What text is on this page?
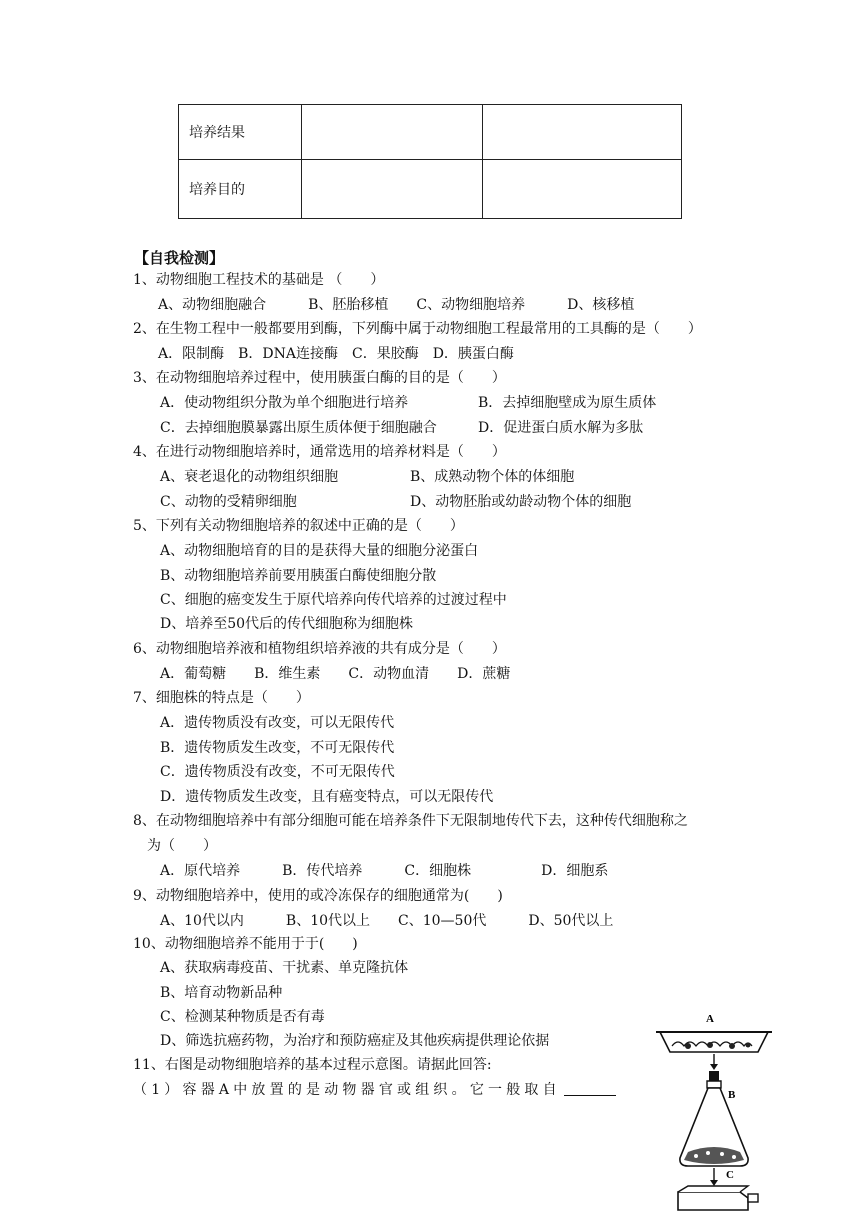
培养结果		
培养目的		
【自我检测】
1、动物细胞工程技术的基础是 （　　）
A、动物细胞融合　　　B、胚胎移植　　C、动物细胞培养　　　D、核移植
2、在生物工程中一般都要用到酶，下列酶中属于动物细胞工程最常用的工具酶的是（　　）
A．限制酶　B．DNA连接酶　C．果胶酶　D．胰蛋白酶
3、在动物细胞培养过程中，使用胰蛋白酶的目的是（　　）
A．使动物组织分散为单个细胞进行培养	B．去掉细胞壁成为原生质体
C．去掉细胞膜暴露出原生质体便于细胞融合	D．促进蛋白质水解为多肽
4、在进行动物细胞培养时，通常选用的培养材料是（　　）
A、衰老退化的动物组织细胞	B、成熟动物个体的体细胞
C、动物的受精卵细胞	D、动物胚胎或幼龄动物个体的细胞
5、下列有关动物细胞培养的叙述中正确的是（　　）
A、动物细胞培育的目的是获得大量的细胞分泌蛋白
B、动物细胞培养前要用胰蛋白酶使细胞分散
C、细胞的癌变发生于原代培养向传代培养的过渡过程中
D、培养至50代后的传代细胞称为细胞株
6、动物细胞培养液和植物组织培养液的共有成分是（　　）
A．葡萄糖　　B．维生素　　C．动物血清　　D．蔗糖
7、细胞株的特点是（　　）
A．遗传物质没有改变，可以无限传代
B．遗传物质发生改变，不可无限传代
C．遗传物质没有改变，不可无限传代
D．遗传物质发生改变，且有癌变特点，可以无限传代
8、在动物细胞培养中有部分细胞可能在培养条件下无限制地传代下去，这种传代细胞称之
为（　　）
A．原代培养　　　B．传代培养　　　C．细胞株　　　　　D．细胞系
9、动物细胞培养中，使用的或冷冻保存的细胞通常为(　　)
A、10代以内　　　B、10代以上　　C、10—50代　　　D、50代以上
10、动物细胞培养不能用于于(　　)
A、获取病毒疫苗、干扰素、单克隆抗体
B、培育动物新品种
C、检测某种物质是否有毒
D、筛选抗癌药物，为治疗和预防癌症及其他疾病提供理论依据
11、右图是动物细胞培养的基本过程示意图。请据此回答:
（1）容器A中放置的是动物器官或组织。它一般取自
A
B
C
